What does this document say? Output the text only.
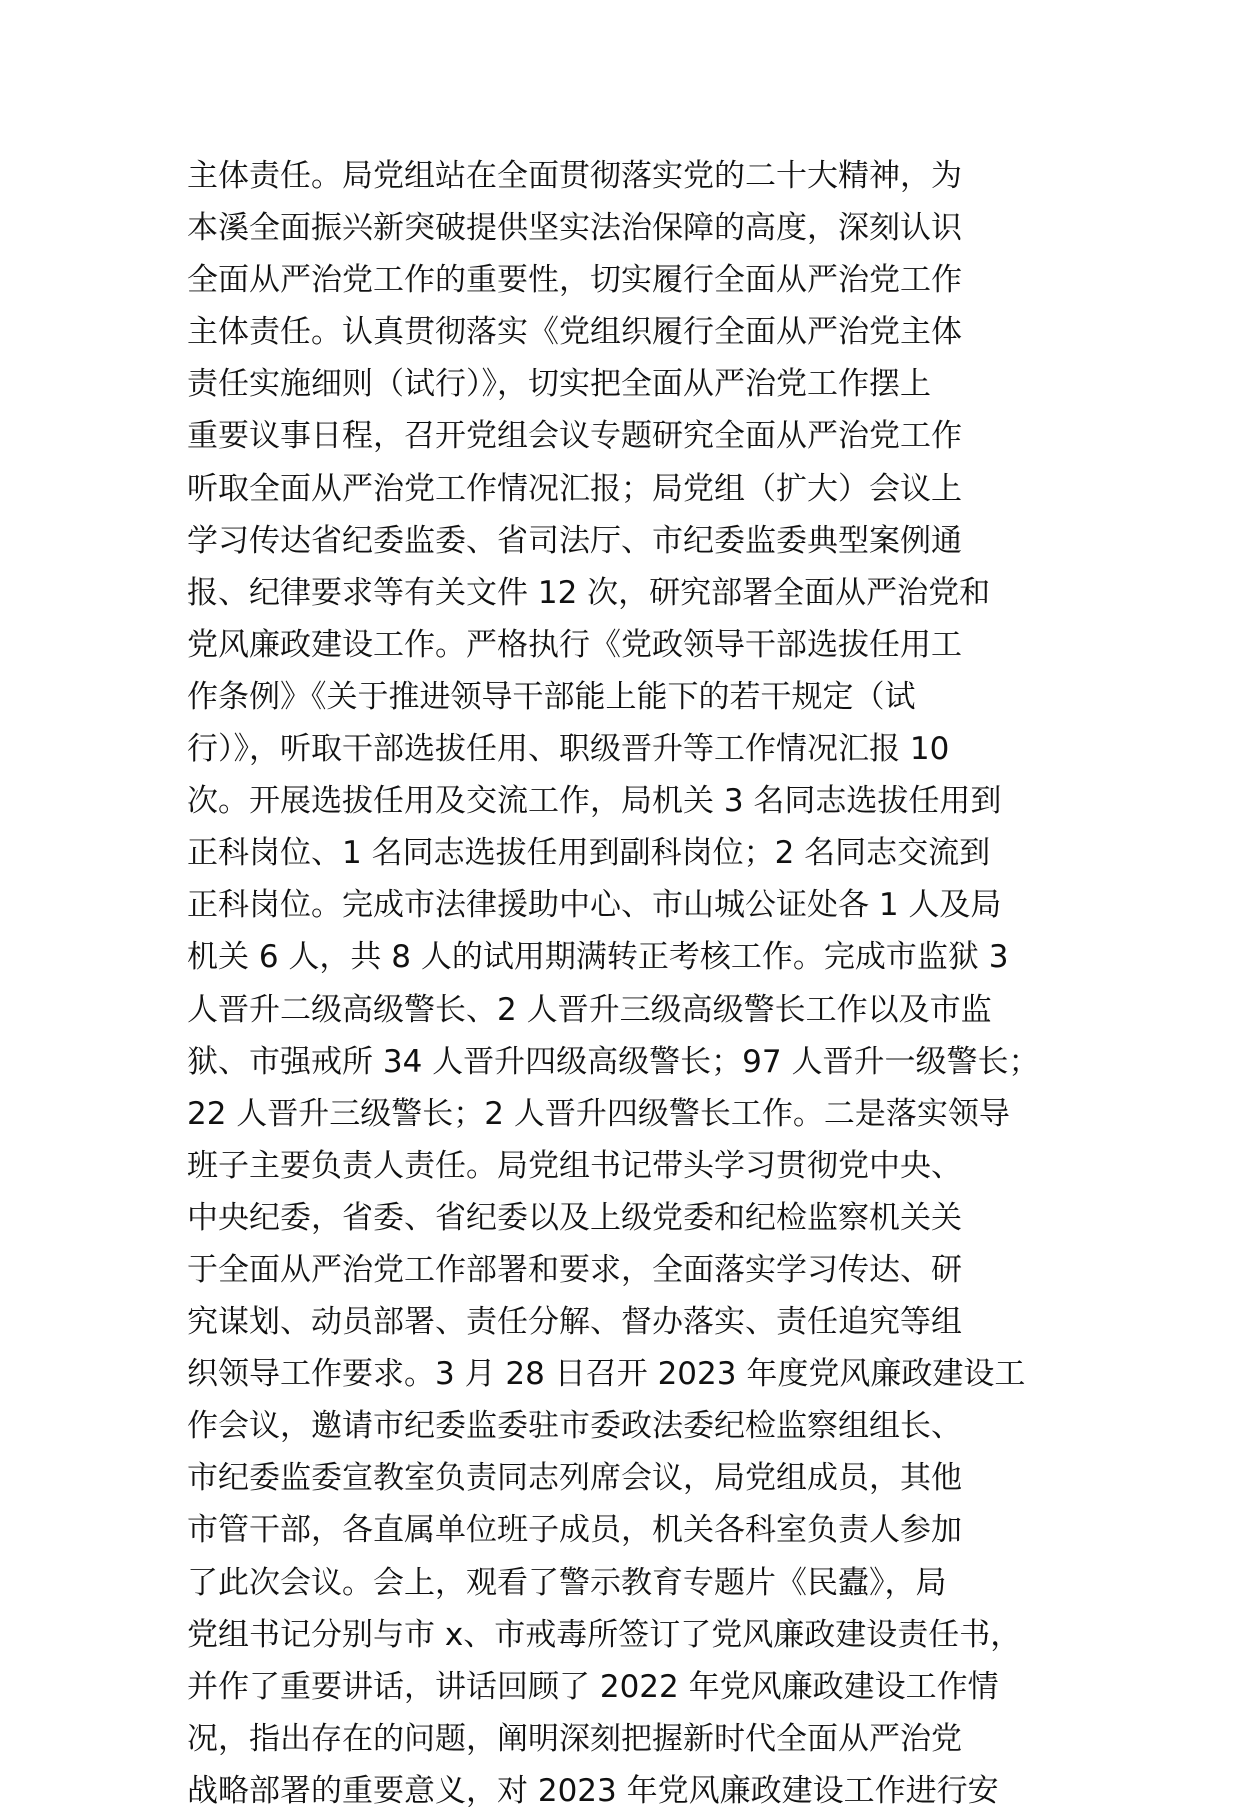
主体责任。局党组站在全面贯彻落实党的二十大精神，为
本溪全面振兴新突破提供坚实法治保障的高度，深刻认识
全面从严治党工作的重要性，切实履行全面从严治党工作
主体责任。认真贯彻落实《党组织履行全面从严治党主体
责任实施细则（试行）》，切实把全面从严治党工作摆上
重要议事日程，召开党组会议专题研究全面从严治党工作
听取全面从严治党工作情况汇报；局党组（扩大）会议上
学习传达省纪委监委、省司法厅、市纪委监委典型案例通
报、纪律要求等有关文件 12 次，研究部署全面从严治党和
党风廉政建设工作。严格执行《党政领导干部选拔任用工
作条例》《关于推进领导干部能上能下的若干规定（试
行）》，听取干部选拔任用、职级晋升等工作情况汇报 10
次。开展选拔任用及交流工作，局机关 3 名同志选拔任用到
正科岗位、1 名同志选拔任用到副科岗位；2 名同志交流到
正科岗位。完成市法律援助中心、市山城公证处各 1 人及局
机关 6 人，共 8 人的试用期满转正考核工作。完成市监狱 3
人晋升二级高级警长、2 人晋升三级高级警长工作以及市监
狱、市强戒所 34 人晋升四级高级警长；97 人晋升一级警长；
22 人晋升三级警长；2 人晋升四级警长工作。二是落实领导
班子主要负责人责任。局党组书记带头学习贯彻党中央、
中央纪委，省委、省纪委以及上级党委和纪检监察机关关
于全面从严治党工作部署和要求，全面落实学习传达、研
究谋划、动员部署、责任分解、督办落实、责任追究等组
织领导工作要求。3 月 28 日召开 2023 年度党风廉政建设工
作会议，邀请市纪委监委驻市委政法委纪检监察组组长、
市纪委监委宣教室负责同志列席会议，局党组成员，其他
市管干部，各直属单位班子成员，机关各科室负责人参加
了此次会议。会上，观看了警示教育专题片《民蠹》，局
党组书记分别与市 x、市戒毒所签订了党风廉政建设责任书，
并作了重要讲话，讲话回顾了 2022 年党风廉政建设工作情
况，指出存在的问题，阐明深刻把握新时代全面从严治党
战略部署的重要意义，对 2023 年党风廉政建设工作进行安
